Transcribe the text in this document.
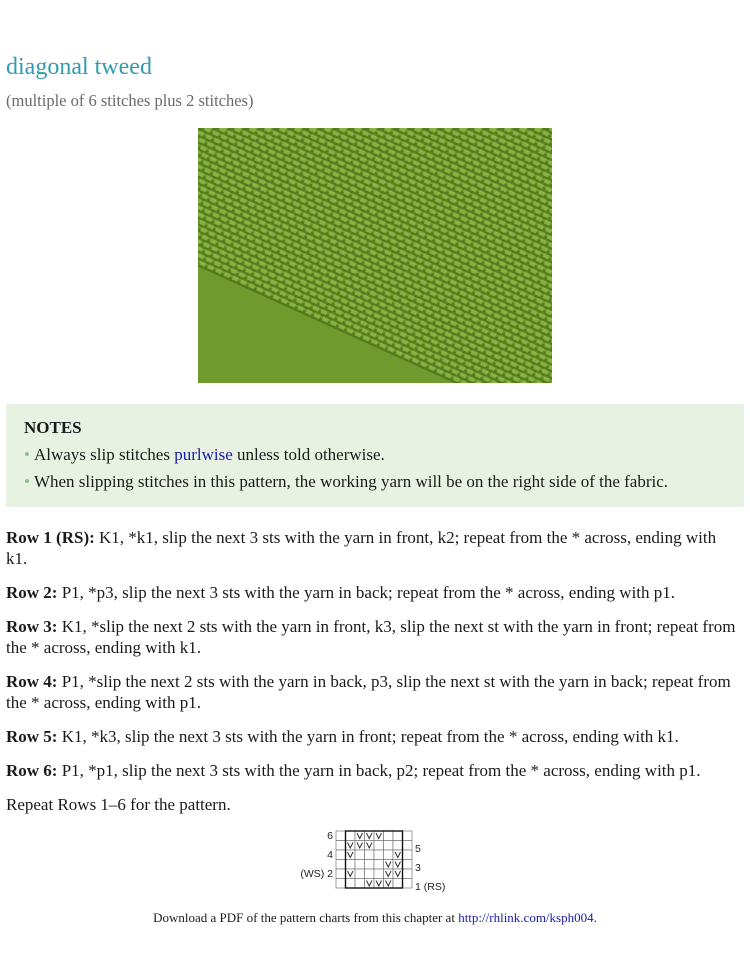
diagonal tweed

(multiple of 6 stitches plus 2 stitches)

NOTES
• Always slip stitches purlwise unless told otherwise.
• When slipping stitches in this pattern, the working yarn will be on the right side of the fabric.

Row 1 (RS): K1, *k1, slip the next 3 sts with the yarn in front, k2; repeat from the * across, ending with k1.

Row 2: P1, *p3, slip the next 3 sts with the yarn in back; repeat from the * across, ending with p1.

Row 3: K1, *slip the next 2 sts with the yarn in front, k3, slip the next st with the yarn in front; repeat from the * across, ending with k1.

Row 4: P1, *slip the next 2 sts with the yarn in back, p3, slip the next st with the yarn in back; repeat from the * across, ending with p1.

Row 5: K1, *k3, slip the next 3 sts with the yarn in front; repeat from the * across, ending with k1.

Row 6: P1, *p1, slip the next 3 sts with the yarn in back, p2; repeat from the * across, ending with p1.

Repeat Rows 1–6 for the pattern.

6
4
(WS) 2
5
3
1 (RS)
Download a PDF of the pattern charts from this chapter at http://rhlink.com/ksph004.
